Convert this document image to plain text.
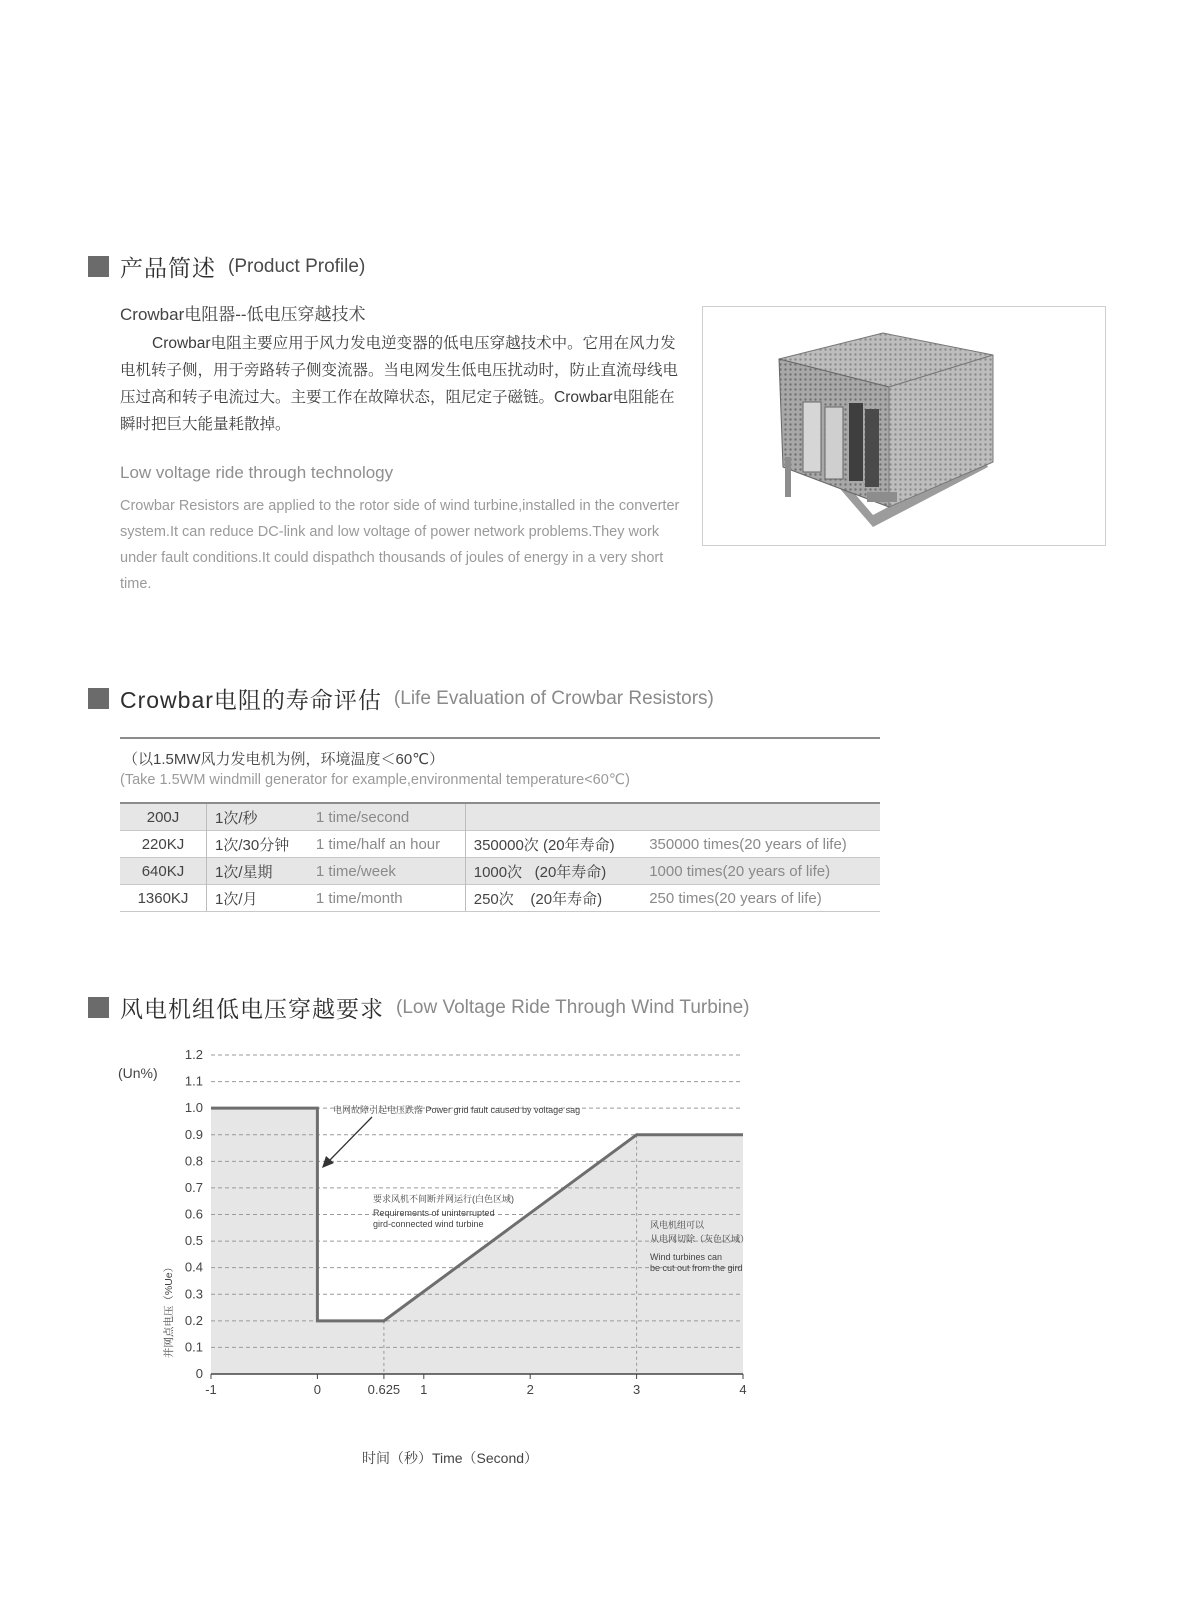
产品简述 (Product Profile)
Crowbar电阻器--低电压穿越技术
Crowbar电阻主要应用于风力发电逆变器的低电压穿越技术中。它用在风力发电机转子侧，用于旁路转子侧变流器。当电网发生低电压扰动时，防止直流母线电压过高和转子电流过大。主要工作在故障状态，阻尼定子磁链。Crowbar电阻能在瞬时把巨大能量耗散掉。
Low voltage ride through technology
Crowbar Resistors are applied to the rotor side of wind turbine,installed in the converter system.It can reduce DC-link and low voltage of power network problems.They work under fault conditions.It could dispathch thousands of joules of energy in a very short time.
Crowbar电阻的寿命评估 (Life Evaluation of Crowbar Resistors)
（以1.5MW风力发电机为例，环境温度＜60℃）
(Take 1.5WM windmill generator for example,environmental temperature<60℃)
200J	1次/秒	1 time/second		
220KJ	1次/30分钟	1 time/half an hour	350000次 (20年寿命)	350000 times(20 years of life)
640KJ	1次/星期	1 time/week	1000次   (20年寿命)	1000 times(20 years of life)
1360KJ	1次/月	1 time/month	250次    (20年寿命)	250 times(20 years of life)
风电机组低电压穿越要求 (Low Voltage Ride Through Wind Turbine)
0
0.1
0.2
0.3
0.4
0.5
0.6
0.7
0.8
0.9
1.0
1.1
1.2
-1	0	0.625 1	2	3	4
(Un%)
并网点电压（%Ue）
时间（秒）Time（Second）
电网故障引起电压跌落 Power grid fault caused by voltage sag
要求风机不间断并网运行(白色区域)
Requirements of uninterrupted
gird-connected wind turbine	风电机组可以
从电网切除（灰色区域）
Wind turbines can
be cut out from the gird
